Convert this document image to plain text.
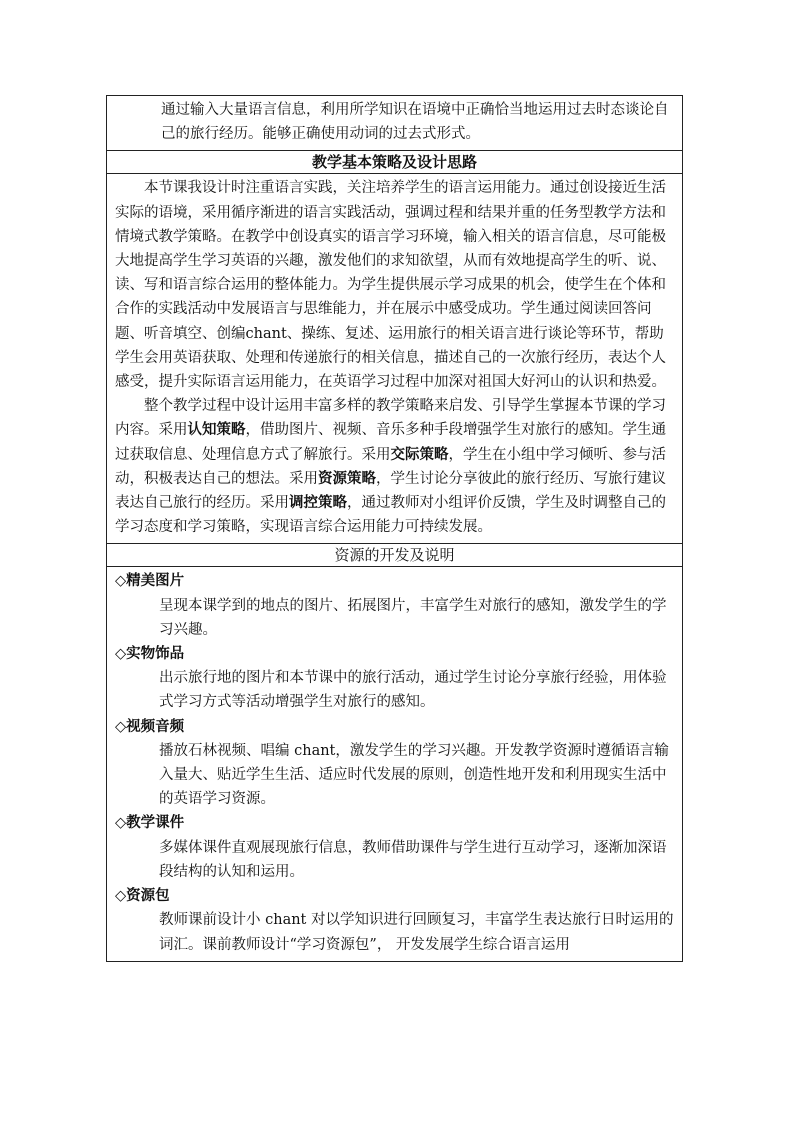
通过输入大量语言信息，利用所学知识在语境中正确恰当地运用过去时态谈论自己的旅行经历。能够正确使用动词的过去式形式。
教学基本策略及设计思路

本节课我设计时注重语言实践，关注培养学生的语言运用能力。通过创设接近生活实际的语境，采用循序渐进的语言实践活动，强调过程和结果并重的任务型教学方法和情境式教学策略。在教学中创设真实的语言学习环境，输入相关的语言信息，尽可能极大地提高学生学习英语的兴趣，激发他们的求知欲望，从而有效地提高学生的听、说、读、写和语言综合运用的整体能力。为学生提供展示学习成果的机会，使学生在个体和合作的实践活动中发展语言与思维能力，并在展示中感受成功。学生通过阅读回答问题、听音填空、创编chant、操练、复述、运用旅行的相关语言进行谈论等环节，帮助学生会用英语获取、处理和传递旅行的相关信息，描述自己的一次旅行经历，表达个人感受，提升实际语言运用能力，在英语学习过程中加深对祖国大好河山的认识和热爱。

整个教学过程中设计运用丰富多样的教学策略来启发、引导学生掌握本节课的学习内容。采用认知策略，借助图片、视频、音乐多种手段增强学生对旅行的感知。学生通过获取信息、处理信息方式了解旅行。采用交际策略，学生在小组中学习倾听、参与活动，积极表达自己的想法。采用资源策略，学生讨论分享彼此的旅行经历、写旅行建议表达自己旅行的经历。采用调控策略，通过教师对小组评价反馈，学生及时调整自己的学习态度和学习策略，实现语言综合运用能力可持续发展。

资源的开发及说明

◇精美图片

呈现本课学到的地点的图片、拓展图片，丰富学生对旅行的感知，激发学生的学习兴趣。

◇实物饰品

出示旅行地的图片和本节课中的旅行活动，通过学生讨论分享旅行经验，用体验式学习方式等活动增强学生对旅行的感知。

◇视频音频

播放石林视频、唱编 chant，激发学生的学习兴趣。开发教学资源时遵循语言输入量大、贴近学生生活、适应时代发展的原则，创造性地开发和利用现实生活中的英语学习资源。

◇教学课件

多媒体课件直观展现旅行信息，教师借助课件与学生进行互动学习，逐渐加深语段结构的认知和运用。

◇资源包

教师课前设计小 chant 对以学知识进行回顾复习，丰富学生表达旅行日时运用的词汇。课前教师设计“学习资源包”， 开发发展学生综合语言运用
